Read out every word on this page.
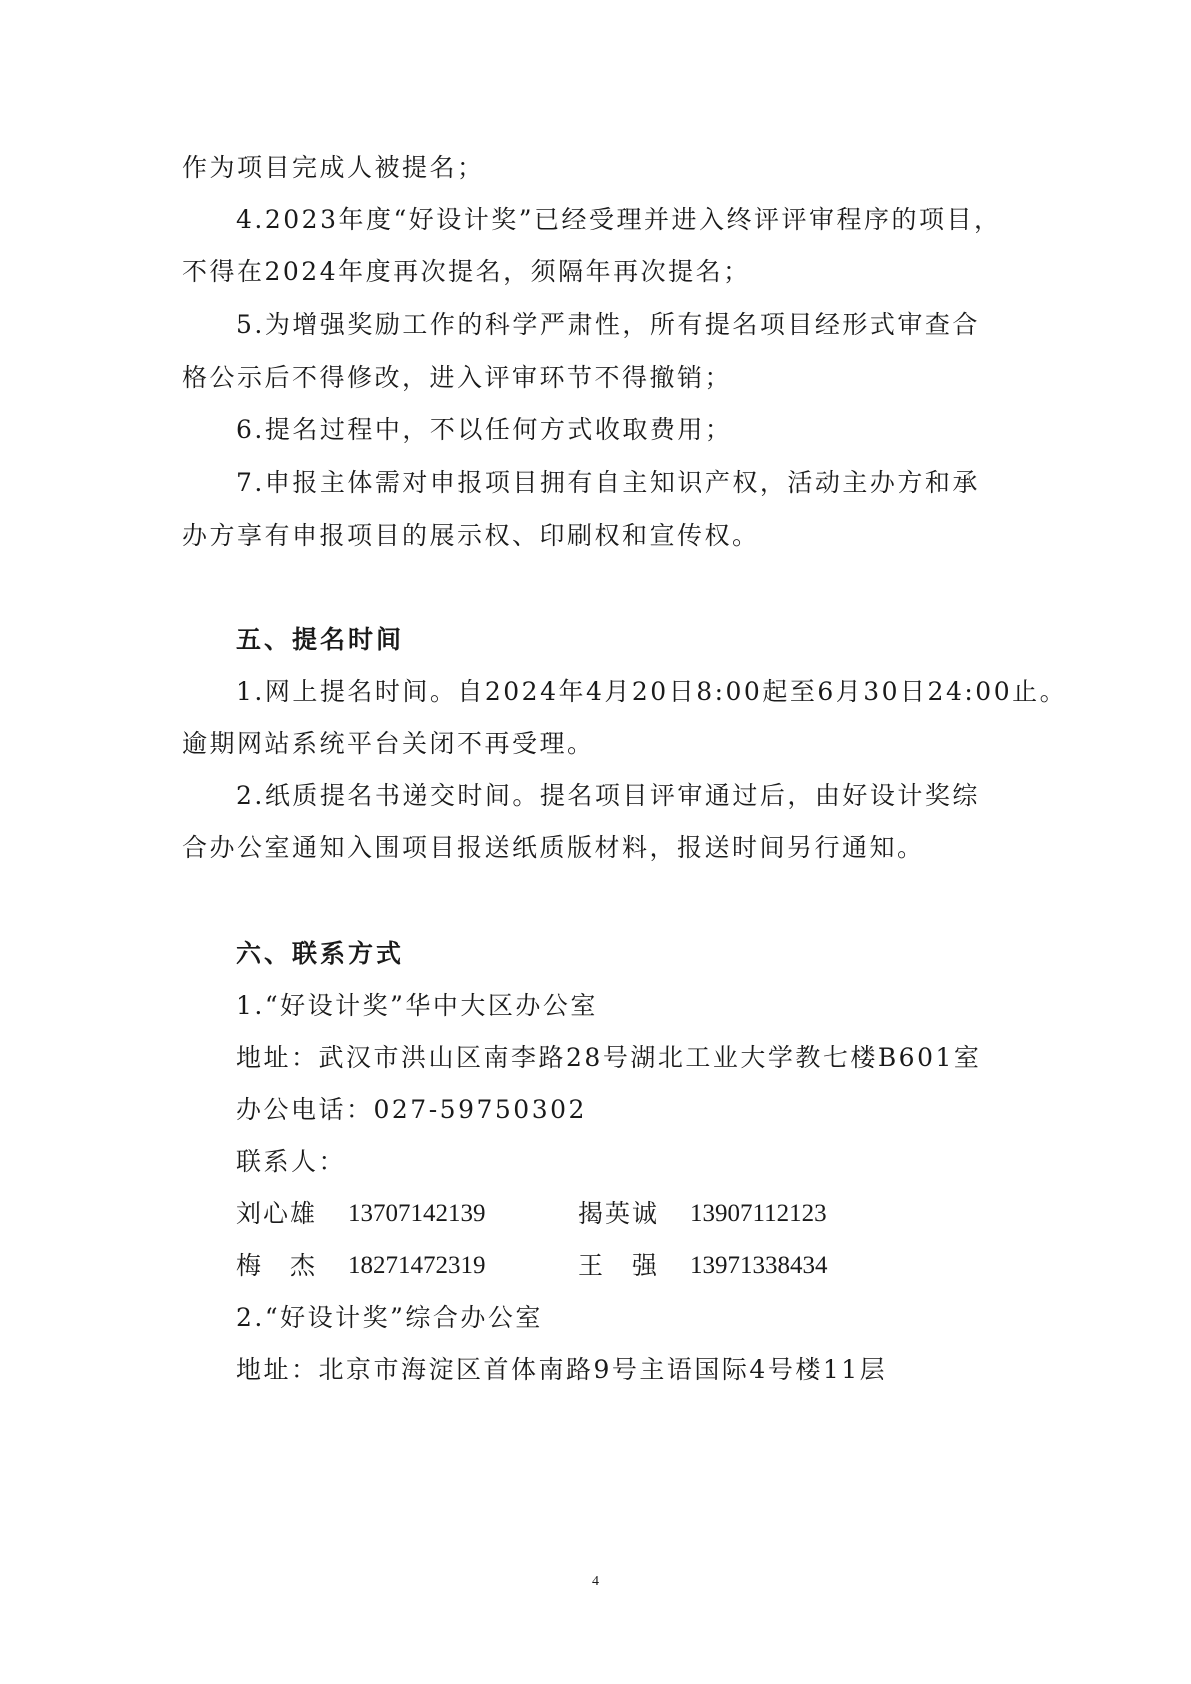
作为项目完成人被提名；
4.2023年度“好设计奖”已经受理并进入终评评审程序的项目，
不得在2024年度再次提名，须隔年再次提名；
5.为增强奖励工作的科学严肃性，所有提名项目经形式审查合
格公示后不得修改，进入评审环节不得撤销；
6.提名过程中，不以任何方式收取费用；
7.申报主体需对申报项目拥有自主知识产权，活动主办方和承
办方享有申报项目的展示权、印刷权和宣传权。
五、提名时间
1.网上提名时间。自2024年4月20日8:00起至6月30日24:00止。
逾期网站系统平台关闭不再受理。
2.纸质提名书递交时间。提名项目评审通过后，由好设计奖综
合办公室通知入围项目报送纸质版材料，报送时间另行通知。
六、联系方式
1.“好设计奖”华中大区办公室
地址：武汉市洪山区南李路28号湖北工业大学教七楼B601室
办公电话：027-59750302
联系人：
刘心雄 13707142139	揭英诚 13907112123
梅　杰 18271472319	王　强 13971338434
2.“好设计奖”综合办公室
地址：北京市海淀区首体南路9号主语国际4号楼11层
4
